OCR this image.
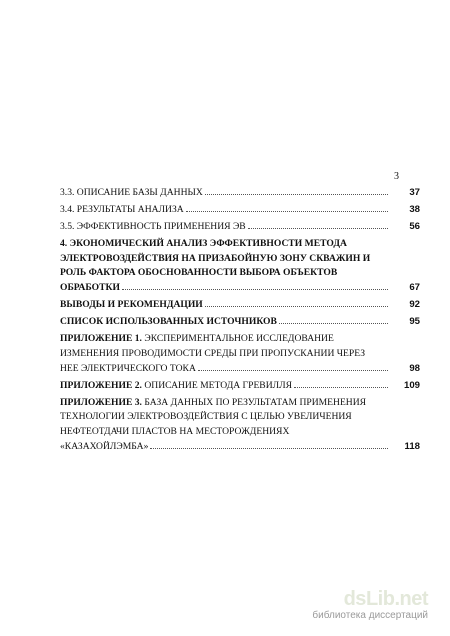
3
3.3. ОПИСАНИЕ БАЗЫ ДАННЫХ	37
3.4. РЕЗУЛЬТАТЫ АНАЛИЗА	38
3.5. ЭФФЕКТИВНОСТЬ ПРИМЕНЕНИЯ ЭВ	56
4. ЭКОНОМИЧЕСКИЙ АНАЛИЗ ЭФФЕКТИВНОСТИ МЕТОДА
ЭЛЕКТРОВОЗДЕЙСТВИЯ НА ПРИЗАБОЙНУЮ ЗОНУ СКВАЖИН И
РОЛЬ ФАКТОРА ОБОСНОВАННОСТИ ВЫБОРА ОБЪЕКТОВ
ОБРАБОТКИ	67
ВЫВОДЫ И РЕКОМЕНДАЦИИ	92
СПИСОК ИСПОЛЬЗОВАННЫХ ИСТОЧНИКОВ	95
ПРИЛОЖЕНИЕ 1. ЭКСПЕРИМЕНТАЛЬНОЕ ИССЛЕДОВАНИЕ
ИЗМЕНЕНИЯ ПРОВОДИМОСТИ СРЕДЫ ПРИ ПРОПУСКАНИИ ЧЕРЕЗ
НЕЕ ЭЛЕКТРИЧЕСКОГО ТОКА	98
ПРИЛОЖЕНИЕ 2. ОПИСАНИЕ МЕТОДА ГРЕВИЛЛЯ	109
ПРИЛОЖЕНИЕ 3. БАЗА ДАННЫХ ПО РЕЗУЛЬТАТАМ ПРИМЕНЕНИЯ
ТЕХНОЛОГИИ ЭЛЕКТРОВОЗДЕЙСТВИЯ С ЦЕЛЬЮ УВЕЛИЧЕНИЯ
НЕФТЕОТДАЧИ ПЛАСТОВ НА МЕСТОРОЖДЕНИЯХ
«КАЗАХОЙЛЭМБА»	118
dsLib.net
библиотека диссертаций
